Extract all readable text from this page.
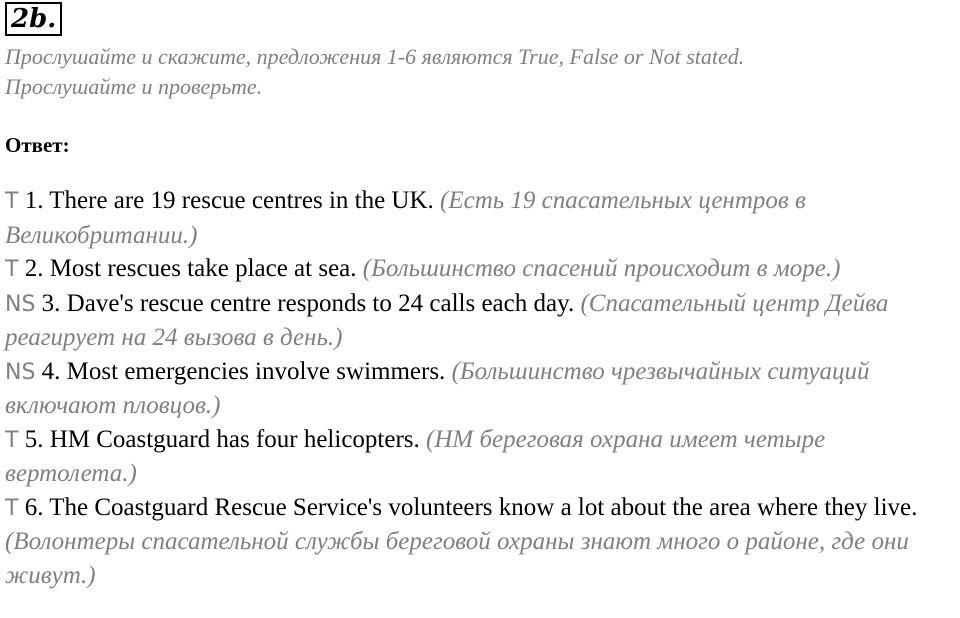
2b.
Прослушайте и скажите, предложения 1-6 являются True, False or Not stated.
Прослушайте и проверьте.
Ответ:
T 1. There are 19 rescue centres in the UK. (Есть 19 спасательных центров в Великобритании.)
T 2. Most rescues take place at sea. (Большинство спасений происходит в море.)
NS 3. Dave's rescue centre responds to 24 calls each day. (Спасательный центр Дейва реагирует на 24 вызова в день.)
NS 4. Most emergencies involve swimmers. (Большинство чрезвычайных ситуаций включают пловцов.)
T 5. HM Coastguard has four helicopters. (НМ береговая охрана имеет четыре вертолета.)
T 6. The Coastguard Rescue Service's volunteers know a lot about the area where they live. (Волонтеры спасательной службы береговой охраны знают много о районе, где они живут.)
